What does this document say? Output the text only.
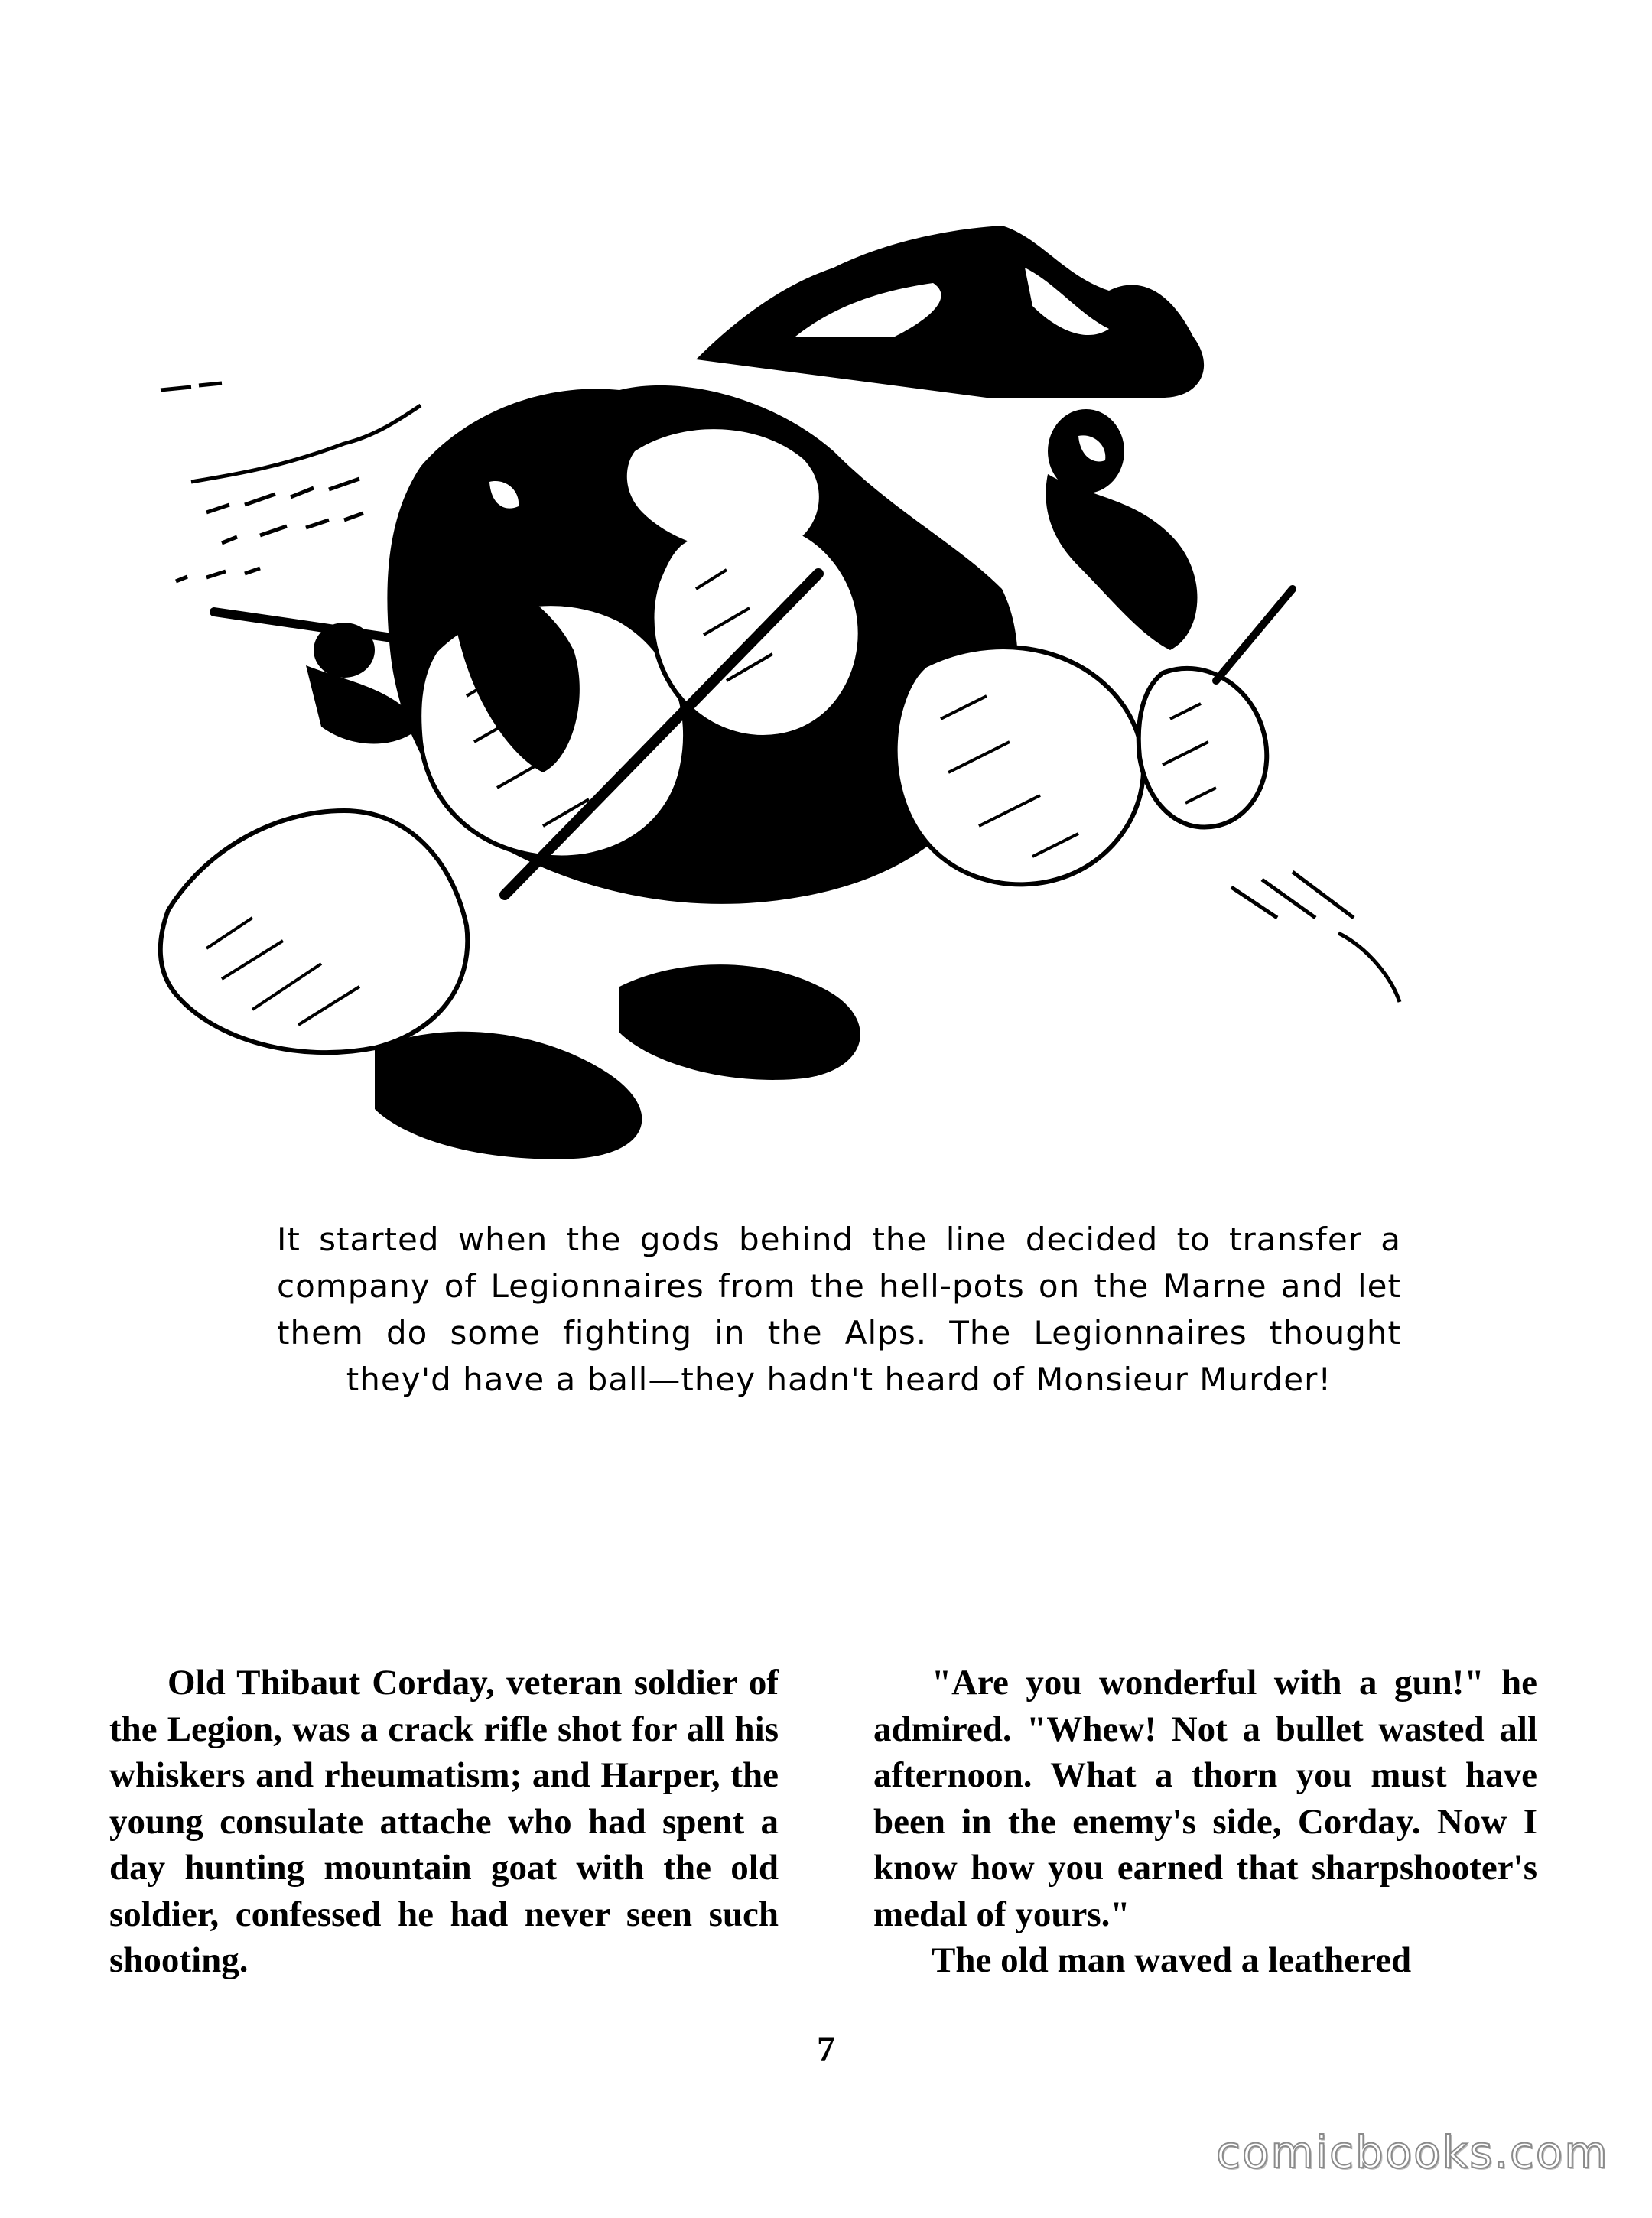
It started when the gods behind the line decided to transfer a company of Legionnaires from the hell-pots on the Marne and let them do some fighting in the Alps. The Legionnaires thought they'd have a ball—they hadn't heard of Monsieur Murder!

Old Thibaut Corday, veteran soldier of the Legion, was a crack rifle shot for all his whiskers and rheumatism; and Harper, the young consulate attache who had spent a day hunting mountain goat with the old soldier, confessed he had never seen such shooting.

"Are you wonderful with a gun!" he admired. "Whew! Not a bullet wasted all afternoon. What a thorn you must have been in the enemy's side, Corday. Now I know how you earned that sharpshooter's medal of yours."

The old man waved a leathered

7
comicbooks.com
